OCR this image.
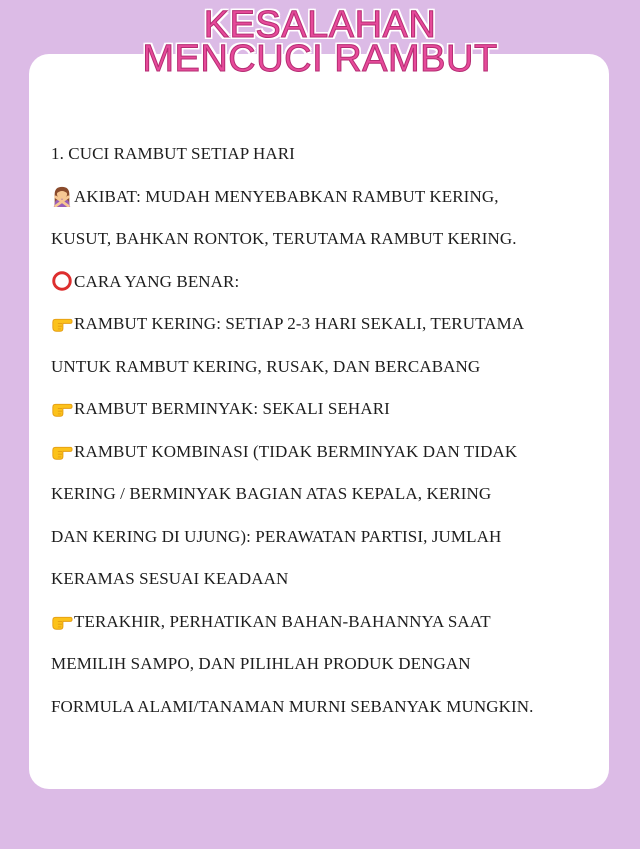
KESALAHAN
MENCUCI RAMBUT
1. CUCI RAMBUT SETIAP HARI
AKIBAT: MUDAH MENYEBABKAN RAMBUT KERING,
KUSUT, BAHKAN RONTOK, TERUTAMA RAMBUT KERING.
CARA YANG BENAR:
RAMBUT KERING: SETIAP 2-3 HARI SEKALI, TERUTAMA
UNTUK RAMBUT KERING, RUSAK, DAN BERCABANG
RAMBUT BERMINYAK: SEKALI SEHARI
RAMBUT KOMBINASI (TIDAK BERMINYAK DAN TIDAK
KERING / BERMINYAK BAGIAN ATAS KEPALA, KERING
DAN KERING DI UJUNG): PERAWATAN PARTISI, JUMLAH
KERAMAS SESUAI KEADAAN
TERAKHIR, PERHATIKAN BAHAN-BAHANNYA SAAT
MEMILIH SAMPO, DAN PILIHLAH PRODUK DENGAN
FORMULA ALAMI/TANAMAN MURNI SEBANYAK MUNGKIN.
